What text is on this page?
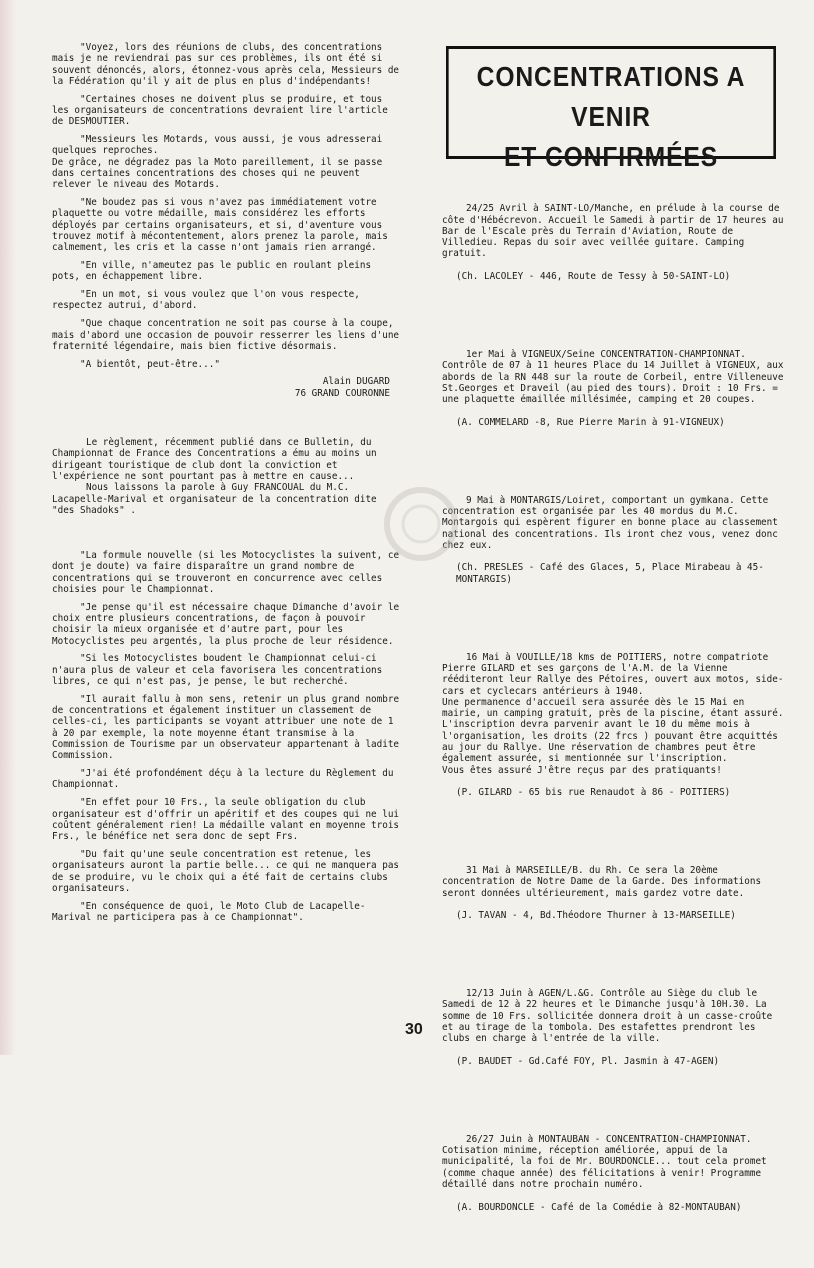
"Voyez, lors des réunions de clubs, des concentrations mais je ne reviendrai pas sur ces problèmes, ils ont été si souvent dénoncés, alors, étonnez-vous après cela, Messieurs de la Fédération qu'il y ait de plus en plus d'indépendants!

"Certaines choses ne doivent plus se produire, et tous les organisateurs de concentrations devraient lire l'article de DESMOUTIER.

"Messieurs les Motards, vous aussi, je vous adresserai quelques reproches.
De grâce, ne dégradez pas la Moto pareillement, il se passe dans certaines concentrations des choses qui ne peuvent relever le niveau des Motards.

"Ne boudez pas si vous n'avez pas immédiatement votre plaquette ou votre médaille, mais considérez les efforts déployés par certains organisateurs, et si, d'aventure vous trouvez motif à mécontentement, alors prenez la parole, mais calmement, les cris et la casse n'ont jamais rien arrangé.

"En ville, n'ameutez pas le public en roulant pleins pots, en échappement libre.

"En un mot, si vous voulez que l'on vous respecte, respectez autrui, d'abord.

"Que chaque concentration ne soit pas course à la coupe, mais d'abord une occasion de pouvoir resserrer les liens d'une fraternité légendaire, mais bien fictive désormais.

"A bientôt, peut-être..."

Alain DUGARD
76 GRAND COURONNE

Le règlement, récemment publié dans ce Bulletin, du Championnat de France des Concentrations a ému au moins un dirigeant touristique de club dont la conviction et l'expérience ne sont pourtant pas à mettre en cause...

Nous laissons la parole à Guy FRANCOUAL du M.C. Lacapelle-Marival et organisateur de la concentration dite "des Shadoks" .

"La formule nouvelle (si les Motocyclistes la suivent, ce dont je doute) va faire disparaître un grand nombre de concentrations qui se trouveront en concurrence avec celles choisies pour le Championnat.

"Je pense qu'il est nécessaire chaque Dimanche d'avoir le choix entre plusieurs concentrations, de façon à pouvoir choisir la mieux organisée et d'autre part, pour les Motocyclistes peu argentés, la plus proche de leur résidence.

"Si les Motocyclistes boudent le Championnat celui-ci n'aura plus de valeur et cela favorisera les concentrations libres, ce qui n'est pas, je pense, le but recherché.

"Il aurait fallu à mon sens, retenir un plus grand nombre de concentrations et également instituer un classement de celles-ci, les participants se voyant attribuer une note de 1 à 20 par exemple, la note moyenne étant transmise à la Commission de Tourisme par un observateur appartenant à ladite Commission.

"J'ai été profondément déçu à la lecture du Règlement du Championnat.

"En effet pour 10 Frs., la seule obligation du club organisateur est d'offrir un apéritif et des coupes qui ne lui coûtent généralement rien! La médaille valant en moyenne trois Frs., le bénéfice net sera donc de sept Frs.

"Du fait qu'une seule concentration est retenue, les organisateurs auront la partie belle... ce qui ne manquera pas de se produire, vu le choix qui a été fait de certains clubs organisateurs.

"En conséquence de quoi, le Moto Club de Lacapelle-Marival ne participera pas à ce Championnat".

CONCENTRATIONS A VENIR
ET CONFIRMÉES

24/25 Avril à SAINT-LO/Manche, en prélude à la course de côte d'Hébécrevon. Accueil le Samedi à partir de 17 heures au Bar de l'Escale près du Terrain d'Aviation, Route de Villedieu. Repas du soir avec veillée guitare. Camping gratuit.

(Ch. LACOLEY - 446, Route de Tessy à 50-SAINT-LO)

1er Mai à VIGNEUX/Seine CONCENTRATION-CHAMPIONNAT. Contrôle de 07 à 11 heures Place du 14 Juillet à VIGNEUX, aux abords de la RN 448 sur la route de Corbeil, entre Villeneuve St.Georges et Draveil (au pied des tours). Droit : 10 Frs. = une plaquette émaillée millésimée, camping et 20 coupes.

(A. COMMELARD -8, Rue Pierre Marin à 91-VIGNEUX)

9 Mai à MONTARGIS/Loiret, comportant un gymkana. Cette concentration est organisée par les 40 mordus du M.C. Montargois qui espèrent figurer en bonne place au classement national des concentrations. Ils iront chez vous, venez donc chez eux.

(Ch. PRESLES - Café des Glaces, 5, Place Mirabeau à 45-MONTARGIS)

16 Mai à VOUILLE/18 kms de POITIERS, notre compatriote Pierre GILARD et ses garçons de l'A.M. de la Vienne rééditeront leur Rallye des Pétoires, ouvert aux motos, side-cars et cyclecars antérieurs à 1940.
Une permanence d'accueil sera assurée dès le 15 Mai en mairie, un camping gratuit, près de la piscine, étant assuré. L'inscription devra parvenir avant le 10 du même mois à l'organisation, les droits (22 frcs ) pouvant être acquittés au jour du Rallye. Une réservation de chambres peut être également assurée, si mentionnée sur l'inscription.
Vous êtes assuré J'être reçus par des pratiquants!

(P. GILARD - 65 bis rue Renaudot à 86 - POITIERS)

31 Mai à MARSEILLE/B. du Rh. Ce sera la 20ème concentration de Notre Dame de la Garde. Des informations seront données ultérieurement, mais gardez votre date.

(J. TAVAN - 4, Bd.Théodore Thurner à 13-MARSEILLE)

12/13 Juin à AGEN/L.&G. Contrôle au Siège du club le Samedi de 12 à 22 heures et le Dimanche jusqu'à 10H.30. La somme de 10 Frs. sollicitée donnera droit à un casse-croûte et au tirage de la tombola. Des estafettes prendront les clubs en charge à l'entrée de la ville.

(P. BAUDET - Gd.Café FOY, Pl. Jasmin à 47-AGEN)

26/27 Juin à MONTAUBAN - CONCENTRATION-CHAMPIONNAT. Cotisation minime, réception améliorée, appui de la municipalité, la foi de Mr. BOURDONCLE... tout cela promet (comme chaque année) des félicitations à venir! Programme détaillé dans notre prochain numéro.

(A. BOURDONCLE - Café de la Comédie à 82-MONTAUBAN)

30
